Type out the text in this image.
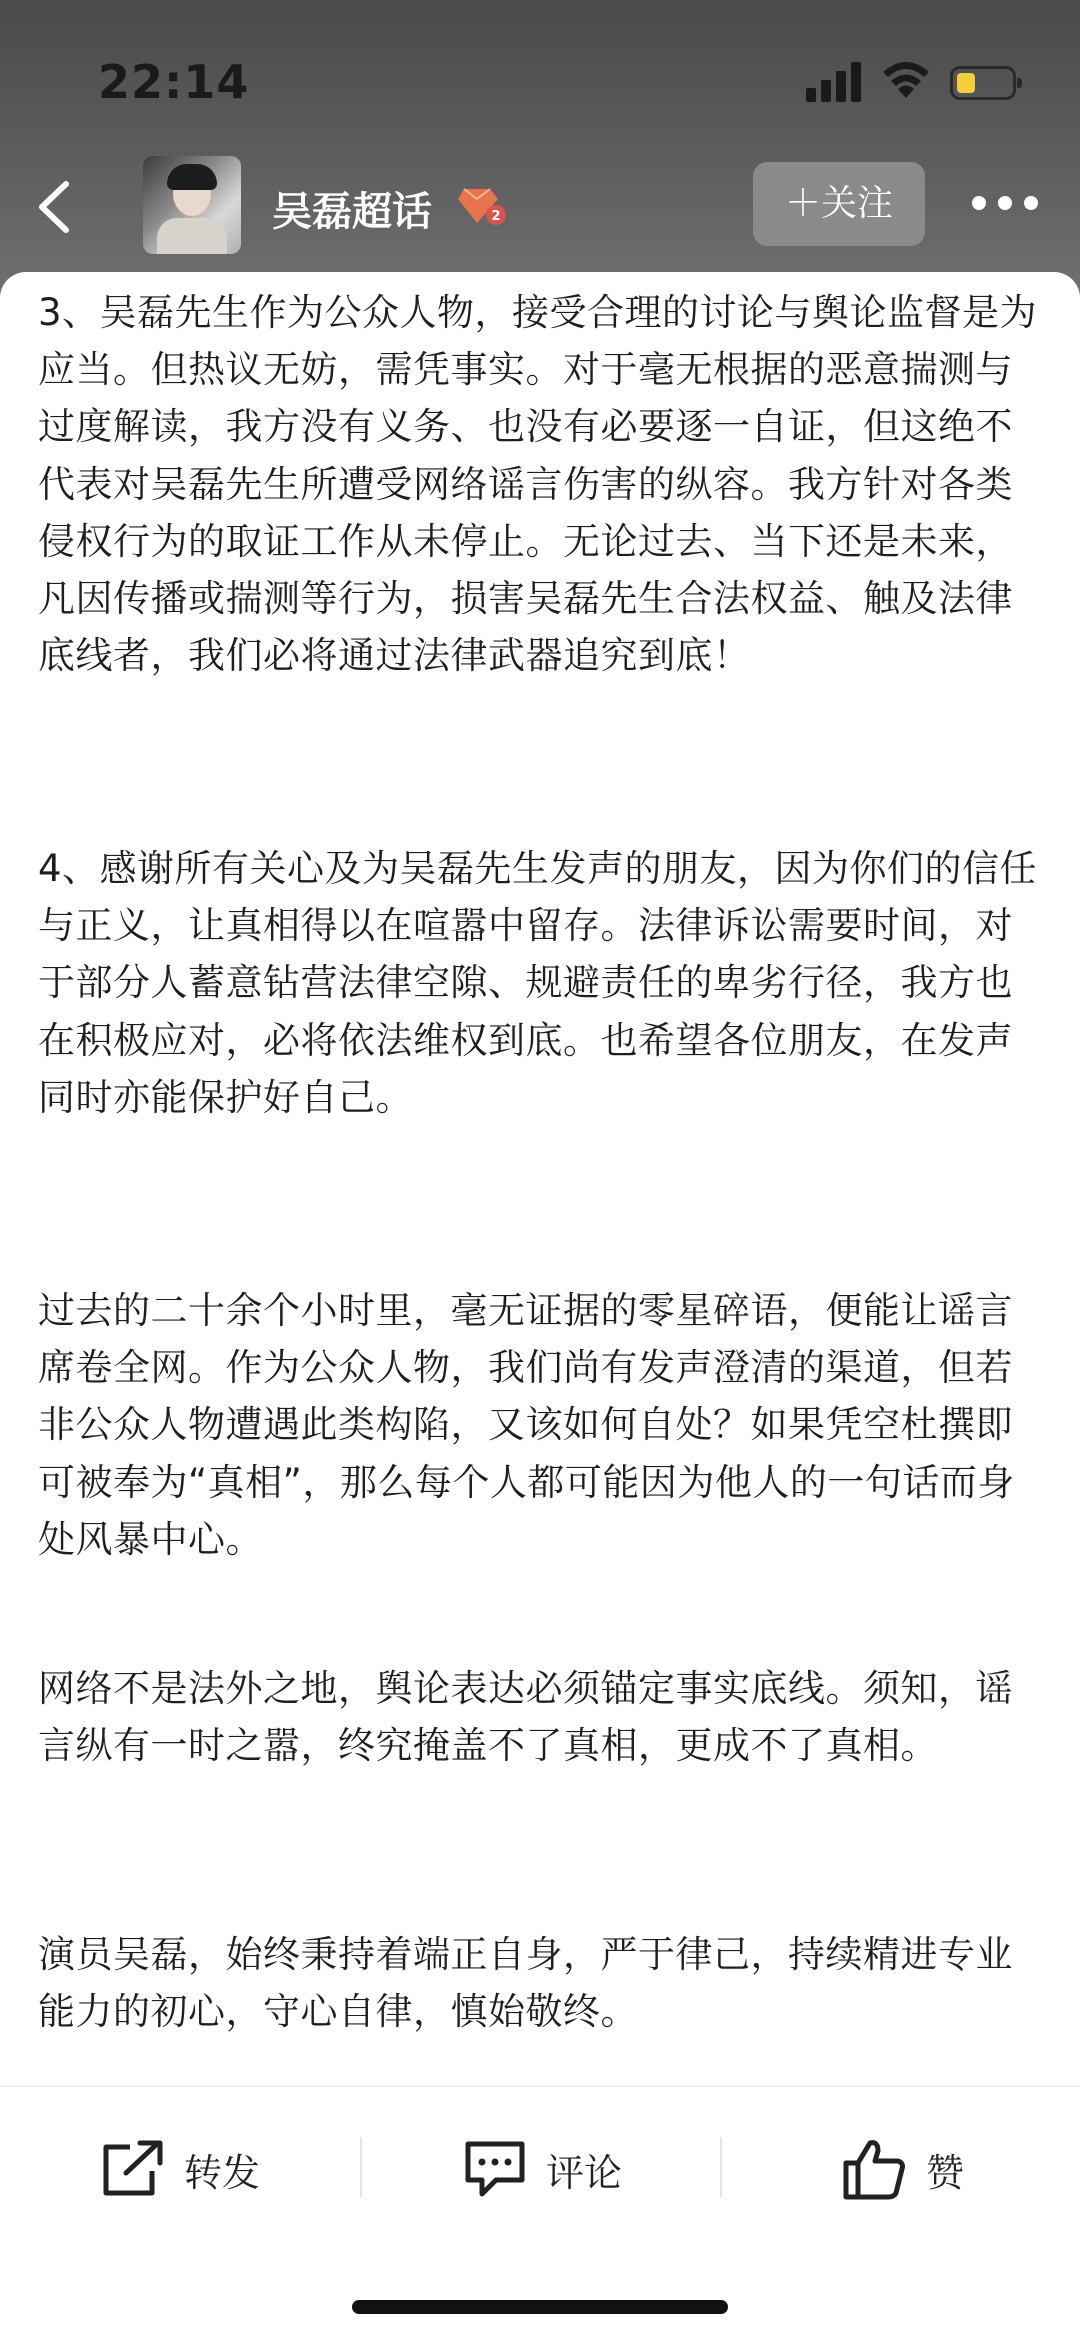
22:14
吴磊超话	2	＋关注

3、吴磊先生作为公众人物，接受合理的讨论与舆论监督是为应当。但热议无妨，需凭事实。对于毫无根据的恶意揣测与过度解读，我方没有义务、也没有必要逐一自证，但这绝不代表对吴磊先生所遭受网络谣言伤害的纵容。我方针对各类侵权行为的取证工作从未停止。无论过去、当下还是未来，凡因传播或揣测等行为，损害吴磊先生合法权益、触及法律底线者，我们必将通过法律武器追究到底！

4、感谢所有关心及为吴磊先生发声的朋友，因为你们的信任与正义，让真相得以在喧嚣中留存。法律诉讼需要时间，对于部分人蓄意钻营法律空隙、规避责任的卑劣行径，我方也在积极应对，必将依法维权到底。也希望各位朋友，在发声同时亦能保护好自己。

过去的二十余个小时里，毫无证据的零星碎语，便能让谣言席卷全网。作为公众人物，我们尚有发声澄清的渠道，但若非公众人物遭遇此类构陷，又该如何自处？如果凭空杜撰即可被奉为“真相”，那么每个人都可能因为他人的一句话而身处风暴中心。

网络不是法外之地，舆论表达必须锚定事实底线。须知，谣言纵有一时之嚣，终究掩盖不了真相，更成不了真相。

演员吴磊，始终秉持着端正自身，严于律己，持续精进专业能力的初心，守心自律，慎始敬终。

转发	评论	赞
